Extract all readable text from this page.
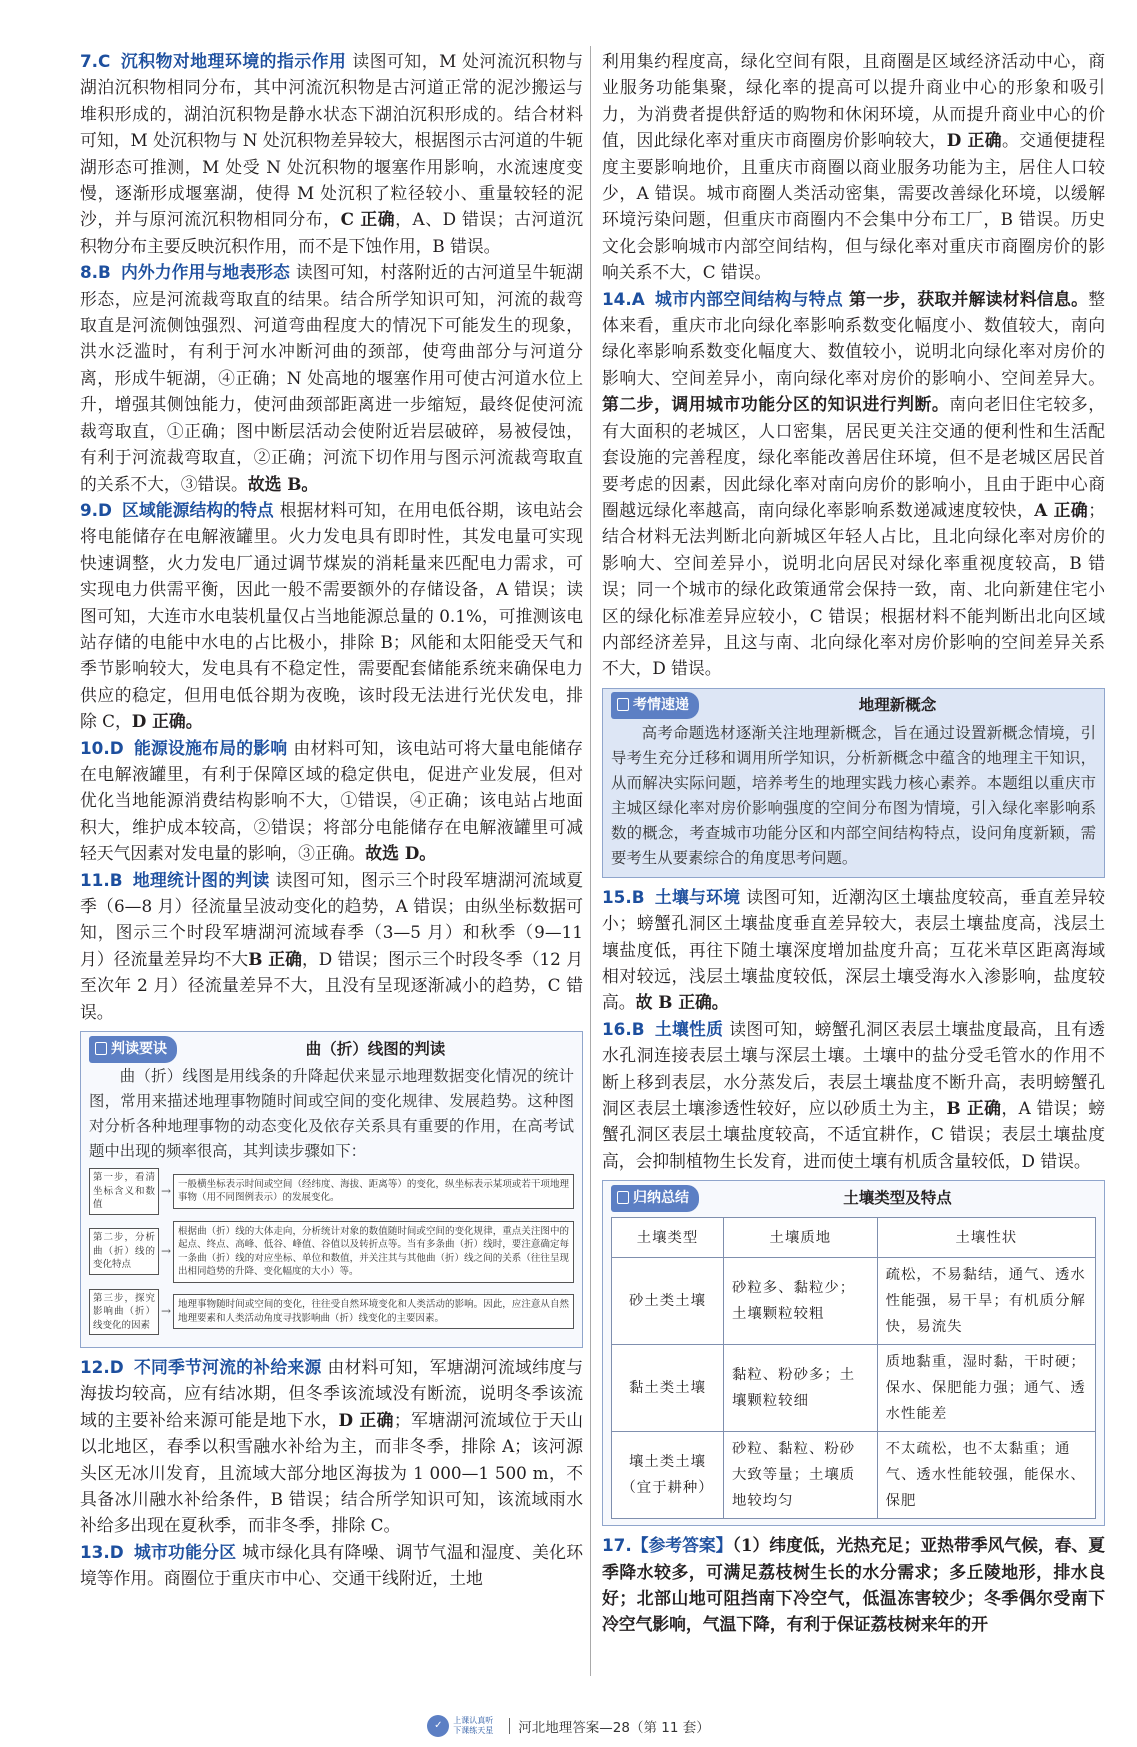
7.C 沉积物对地理环境的指示作用 读图可知，M 处河流沉积物与湖泊沉积物相同分布，其中河流沉积物是古河道正常的泥沙搬运与堆积形成的，湖泊沉积物是静水状态下湖泊沉积形成的。结合材料可知，M 处沉积物与 N 处沉积物差异较大，根据图示古河道的牛轭湖形态可推测，M 处受 N 处沉积物的堰塞作用影响，水流速度变慢，逐渐形成堰塞湖，使得 M 处沉积了粒径较小、重量较轻的泥沙，并与原河流沉积物相同分布，C 正确，A、D 错误；古河道沉积物分布主要反映沉积作用，而不是下蚀作用，B 错误。

8.B 内外力作用与地表形态 读图可知，村落附近的古河道呈牛轭湖形态，应是河流裁弯取直的结果。结合所学知识可知，河流的裁弯取直是河流侧蚀强烈、河道弯曲程度大的情况下可能发生的现象，洪水泛滥时，有利于河水冲断河曲的颈部，使弯曲部分与河道分离，形成牛轭湖，④正确；N 处高地的堰塞作用可使古河道水位上升，增强其侧蚀能力，使河曲颈部距离进一步缩短，最终促使河流裁弯取直，①正确；图中断层活动会使附近岩层破碎，易被侵蚀，有利于河流裁弯取直，②正确；河流下切作用与图示河流裁弯取直的关系不大，③错误。故选 B。

9.D 区域能源结构的特点 根据材料可知，在用电低谷期，该电站会将电能储存在电解液罐里。火力发电具有即时性，其发电量可实现快速调整，火力发电厂通过调节煤炭的消耗量来匹配电力需求，可实现电力供需平衡，因此一般不需要额外的存储设备，A 错误；读图可知，大连市水电装机量仅占当地能源总量的 0.1%，可推测该电站存储的电能中水电的占比极小，排除 B；风能和太阳能受天气和季节影响较大，发电具有不稳定性，需要配套储能系统来确保电力供应的稳定，但用电低谷期为夜晚，该时段无法进行光伏发电，排除 C，D 正确。

10.D 能源设施布局的影响 由材料可知，该电站可将大量电能储存在电解液罐里，有利于保障区域的稳定供电，促进产业发展，但对优化当地能源消费结构影响不大，①错误，④正确；该电站占地面积大，维护成本较高，②错误；将部分电能储存在电解液罐里可减轻天气因素对发电量的影响，③正确。故选 D。

11.B 地理统计图的判读 读图可知，图示三个时段军塘湖河流域夏季（6—8 月）径流量呈波动变化的趋势，A 错误；由纵坐标数据可知，图示三个时段军塘湖河流域春季（3—5 月）和秋季（9—11 月）径流量差异均不大B 正确，D 错误；图示三个时段冬季（12 月至次年 2 月）径流量差异不大，且没有呈现逐渐减小的趋势，C 错误。

判读要诀	曲（折）线图的判读
曲（折）线图是用线条的升降起伏来显示地理数据变化情况的统计图，常用来描述地理事物随时间或空间的变化规律、发展趋势。这种图对分析各种地理事物的动态变化及依存关系具有重要的作用，在高考试题中出现的频率很高，其判读步骤如下：
第一步，看清坐标含义和数值
→ 一般横坐标表示时间或空间（经纬度、海拔、距离等）的变化，纵坐标表示某项或若干项地理事物（用不同图例表示）的发展变化。
第二步，分析曲（折）线的变化特点
→
根据曲（折）线的大体走向，分析统计对象的数值随时间或空间的变化规律，重点关注图中的起点、终点、高峰、低谷、峰值、谷值以及转折点等。当有多条曲（折）线时，要注意确定每一条曲（折）线的对应坐标、单位和数值，并关注其与其他曲（折）线之间的关系（往往呈现出相同趋势的升降、变化幅度的大小）等。
第三步，探究影响曲（折）线变化的因素
→ 地理事物随时间或空间的变化，往往受自然环境变化和人类活动的影响。因此，应注意从自然地理要素和人类活动角度寻找影响曲（折）线变化的主要因素。

12.D 不同季节河流的补给来源 由材料可知，军塘湖河流域纬度与海拔均较高，应有结冰期，但冬季该流域没有断流，说明冬季该流域的主要补给来源可能是地下水，D 正确；军塘湖河流域位于天山以北地区，春季以积雪融水补给为主，而非冬季，排除 A；该河源头区无冰川发育，且流域大部分地区海拔为 1 000—1 500 m，不具备冰川融水补给条件，B 错误；结合所学知识可知，该流域雨水补给多出现在夏秋季，而非冬季，排除 C。

13.D 城市功能分区 城市绿化具有降噪、调节气温和湿度、美化环境等作用。商圈位于重庆市中心、交通干线附近，土地

利用集约程度高，绿化空间有限，且商圈是区域经济活动中心，商业服务功能集聚，绿化率的提高可以提升商业中心的形象和吸引力，为消费者提供舒适的购物和休闲环境，从而提升商业中心的价值，因此绿化率对重庆市商圈房价影响较大，D 正确。交通便捷程度主要影响地价，且重庆市商圈以商业服务功能为主，居住人口较少，A 错误。城市商圈人类活动密集，需要改善绿化环境，以缓解环境污染问题，但重庆市商圈内不会集中分布工厂，B 错误。历史文化会影响城市内部空间结构，但与绿化率对重庆市商圈房价的影响关系不大，C 错误。

14.A 城市内部空间结构与特点 第一步，获取并解读材料信息。整体来看，重庆市北向绿化率影响系数变化幅度小、数值较大，南向绿化率影响系数变化幅度大、数值较小，说明北向绿化率对房价的影响大、空间差异小，南向绿化率对房价的影响小、空间差异大。第二步，调用城市功能分区的知识进行判断。南向老旧住宅较多，有大面积的老城区，人口密集，居民更关注交通的便利性和生活配套设施的完善程度，绿化率能改善居住环境，但不是老城区居民首要考虑的因素，因此绿化率对南向房价的影响小，且由于距中心商圈越远绿化率越高，南向绿化率影响系数递减速度较快，A 正确；结合材料无法判断北向新城区年轻人占比，且北向绿化率对房价的影响大、空间差异小，说明北向居民对绿化率重视度较高，B 错误；同一个城市的绿化政策通常会保持一致，南、北向新建住宅小区的绿化标准差异应较小，C 错误；根据材料不能判断出北向区域内部经济差异，且这与南、北向绿化率对房价影响的空间差异关系不大，D 错误。

考情速递	地理新概念
高考命题选材逐渐关注地理新概念，旨在通过设置新概念情境，引导考生充分迁移和调用所学知识，分析新概念中蕴含的地理主干知识，从而解决实际问题，培养考生的地理实践力核心素养。本题组以重庆市主城区绿化率对房价影响强度的空间分布图为情境，引入绿化率影响系数的概念，考查城市功能分区和内部空间结构特点，设问角度新颖，需要考生从要素综合的角度思考问题。

15.B 土壤与环境 读图可知，近潮沟区土壤盐度较高，垂直差异较小；螃蟹孔洞区土壤盐度垂直差异较大，表层土壤盐度高，浅层土壤盐度低，再往下随土壤深度增加盐度升高；互花米草区距离海域相对较远，浅层土壤盐度较低，深层土壤受海水入渗影响，盐度较高。故 B 正确。

16.B 土壤性质 读图可知，螃蟹孔洞区表层土壤盐度最高，且有透水孔洞连接表层土壤与深层土壤。土壤中的盐分受毛管水的作用不断上移到表层，水分蒸发后，表层土壤盐度不断升高，表明螃蟹孔洞区表层土壤渗透性较好，应以砂质土为主，B 正确，A 错误；螃蟹孔洞区表层土壤盐度较高，不适宜耕作，C 错误；表层土壤盐度高，会抑制植物生长发育，进而使土壤有机质含量较低，D 错误。

归纳总结	土壤类型及特点
土壤类型	土壤质地	土壤性状
砂土类土壤	砂粒多、黏粒少；土壤颗粒较粗	疏松，不易黏结，通气、透水性能强，易干旱；有机质分解快，易流失
黏土类土壤	黏粒、粉砂多；土壤颗粒较细	质地黏重，湿时黏，干时硬；保水、保肥能力强；通气、透水性能差
壤土类土壤（宜于耕种）	砂粒、黏粒、粉砂大致等量；土壤质地较均匀	不太疏松，也不太黏重；通气、透水性能较强，能保水、保肥

17.【参考答案】（1）纬度低，光热充足；亚热带季风气候，春、夏季降水较多，可满足荔枝树生长的水分需求；多丘陵地形，排水良好；北部山地可阻挡南下冷空气，低温冻害较少；冬季偶尔受南下冷空气影响，气温下降，有利于保证荔枝树来年的开

✓	上课认真听
下课练天星 河北地理答案—28（第 11 套）
